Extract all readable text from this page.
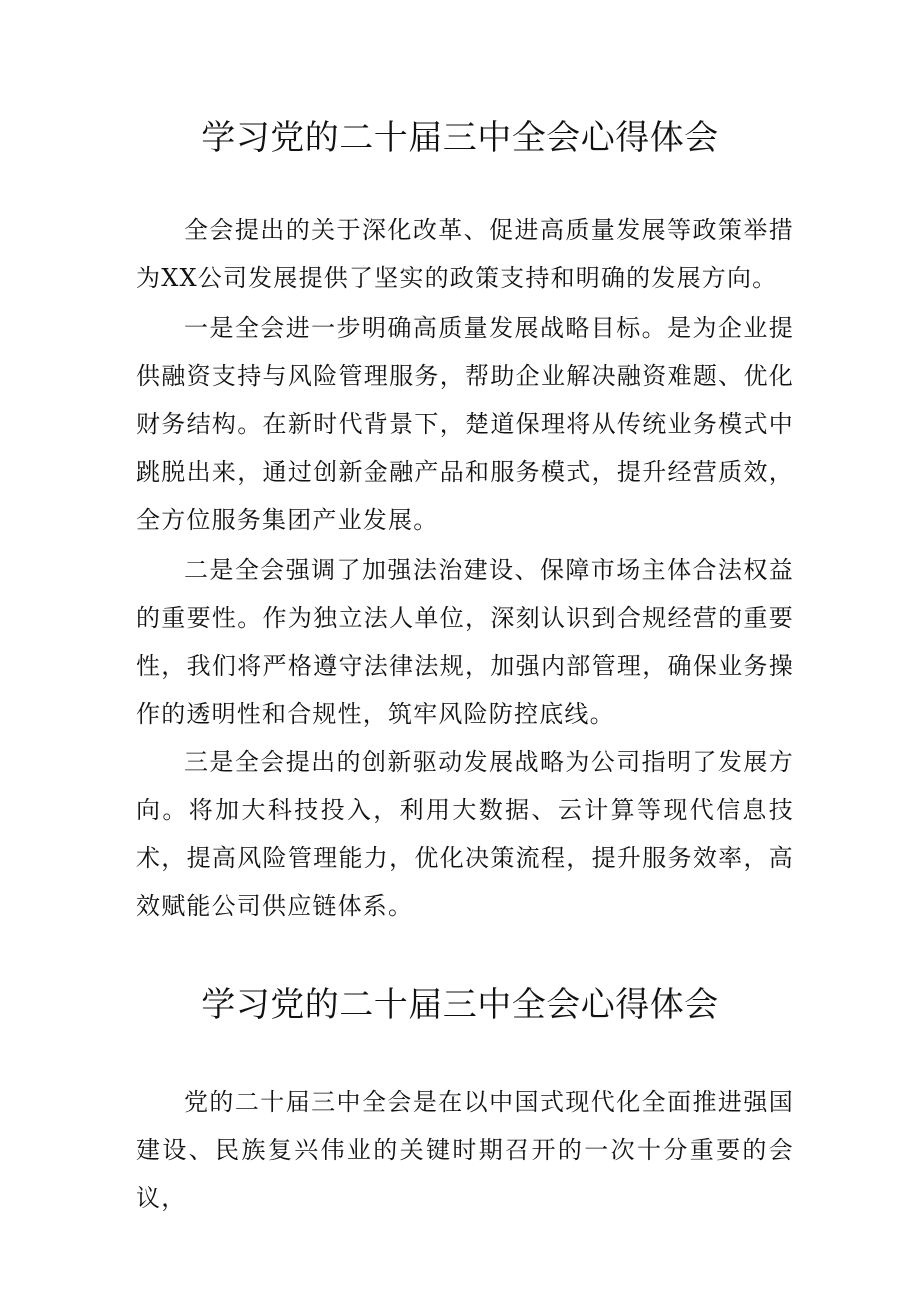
学习党的二十届三中全会心得体会

全会提出的关于深化改革、促进高质量发展等政策举措为XX公司发展提供了坚实的政策支持和明确的发展方向。

一是全会进一步明确高质量发展战略目标。是为企业提供融资支持与风险管理服务，帮助企业解决融资难题、优化财务结构。在新时代背景下，楚道保理将从传统业务模式中跳脱出来，通过创新金融产品和服务模式，提升经营质效，全方位服务集团产业发展。

二是全会强调了加强法治建设、保障市场主体合法权益的重要性。作为独立法人单位，深刻认识到合规经营的重要性，我们将严格遵守法律法规，加强内部管理，确保业务操作的透明性和合规性，筑牢风险防控底线。

三是全会提出的创新驱动发展战略为公司指明了发展方向。将加大科技投入，利用大数据、云计算等现代信息技术，提高风险管理能力，优化决策流程，提升服务效率，高效赋能公司供应链体系。

学习党的二十届三中全会心得体会

党的二十届三中全会是在以中国式现代化全面推进强国建设、民族复兴伟业的关键时期召开的一次十分重要的会议，
